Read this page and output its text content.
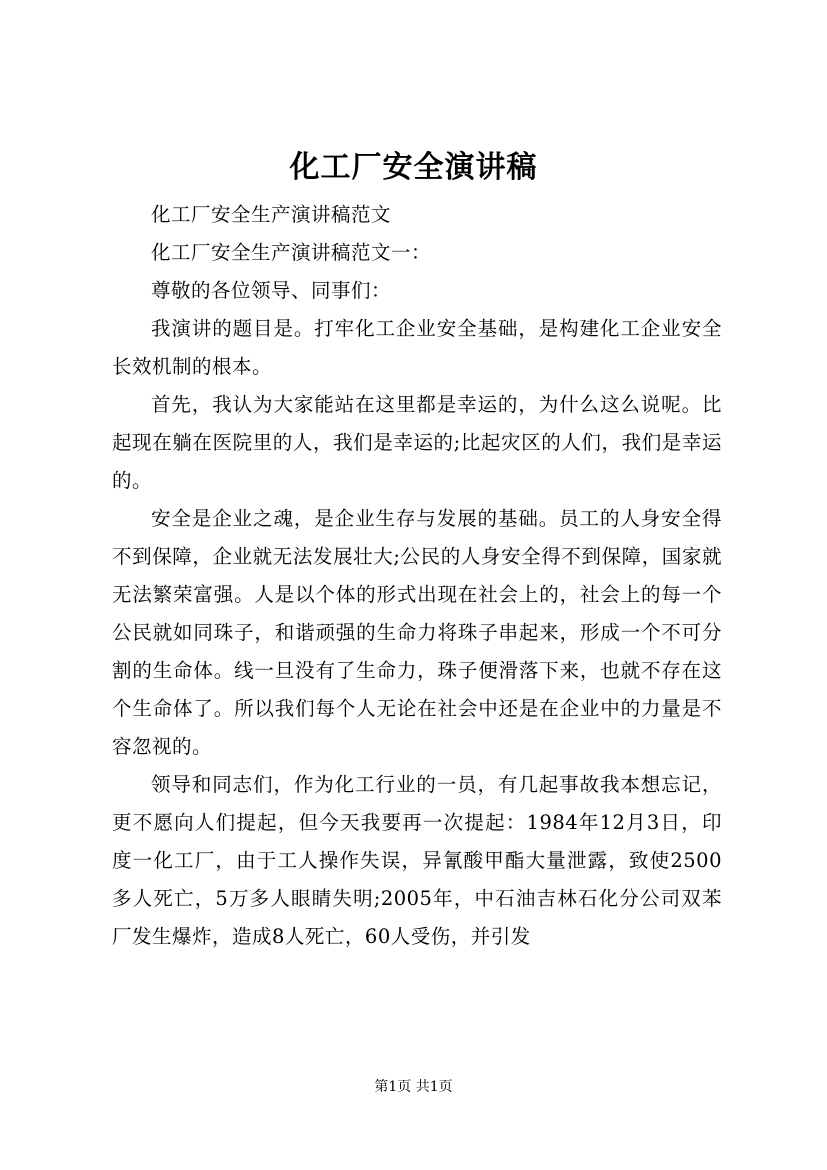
化工厂安全演讲稿

化工厂安全生产演讲稿范文

化工厂安全生产演讲稿范文一：

尊敬的各位领导、同事们：

我演讲的题目是。打牢化工企业安全基础，是构建化工企业安全长效机制的根本。

首先，我认为大家能站在这里都是幸运的，为什么这么说呢。比起现在躺在医院里的人，我们是幸运的;比起灾区的人们，我们是幸运的。

安全是企业之魂，是企业生存与发展的基础。员工的人身安全得不到保障，企业就无法发展壮大;公民的人身安全得不到保障，国家就无法繁荣富强。人是以个体的形式出现在社会上的，社会上的每一个公民就如同珠子，和谐顽强的生命力将珠子串起来，形成一个不可分割的生命体。线一旦没有了生命力，珠子便滑落下来，也就不存在这个生命体了。所以我们每个人无论在社会中还是在企业中的力量是不容忽视的。

领导和同志们，作为化工行业的一员，有几起事故我本想忘记，更不愿向人们提起，但今天我要再一次提起：1984年12月3日，印度一化工厂，由于工人操作失误，异氰酸甲酯大量泄露，致使2500多人死亡，5万多人眼睛失明;2005年，中石油吉林石化分公司双苯厂发生爆炸，造成8人死亡，60人受伤，并引发

第1页 共1页
